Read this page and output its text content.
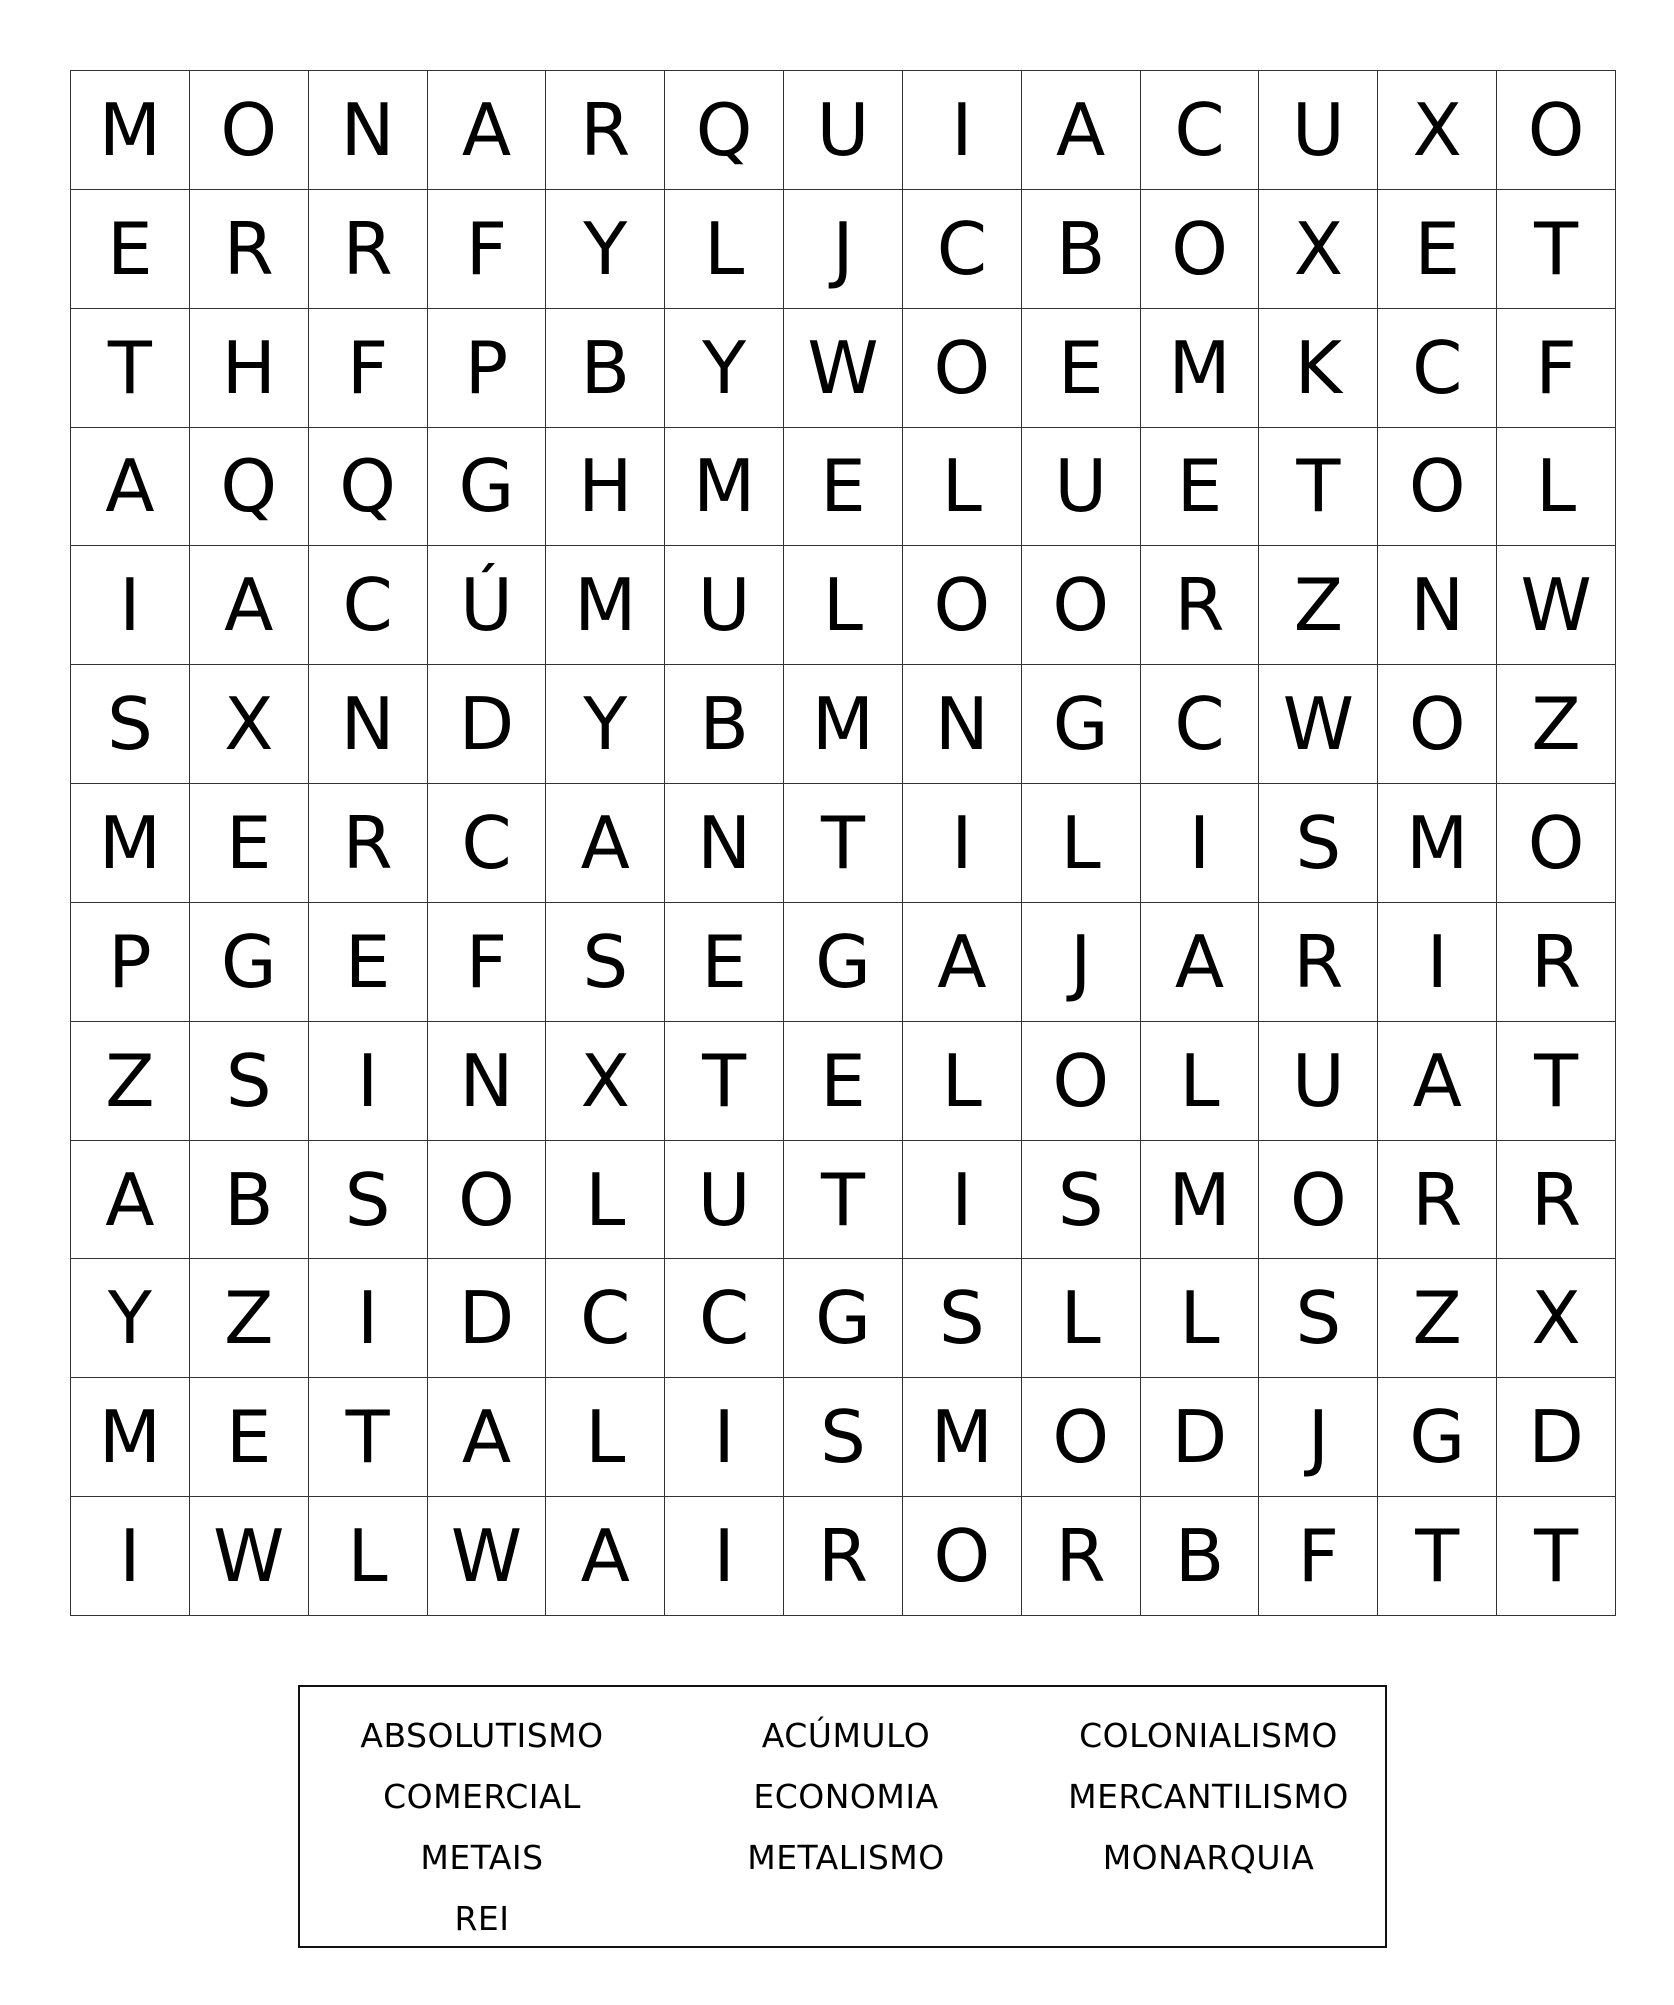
M O N A R Q U	I	A C U X O
E R R	F	Y	L	J	C B O X E	T
T H F	P	B	Y W O E M K C	F
A Q Q G H M E	L	U E	T O L
I	A C Ú M U	L O O R Z N W
S X N D Y	B M N G C W O Z
M E R C A N T	I	L	I	S M O
P G E	F	S	E G A	J	A R	I	R
Z S	I	N X	T	E	L O L	U A	T
A B S O L	U T	I	S M O R R
Y	Z	I	D C C G S	L	L	S Z X
M E	T	A	L	I	S M O D	J	G D
I	W L W A	I	R O R B	F	T	T
ABSOLUTISMO	ACÚMULO	COLONIALISMO
COMERCIAL	ECONOMIA	MERCANTILISMO
METAIS	METALISMO	MONARQUIA
REI
